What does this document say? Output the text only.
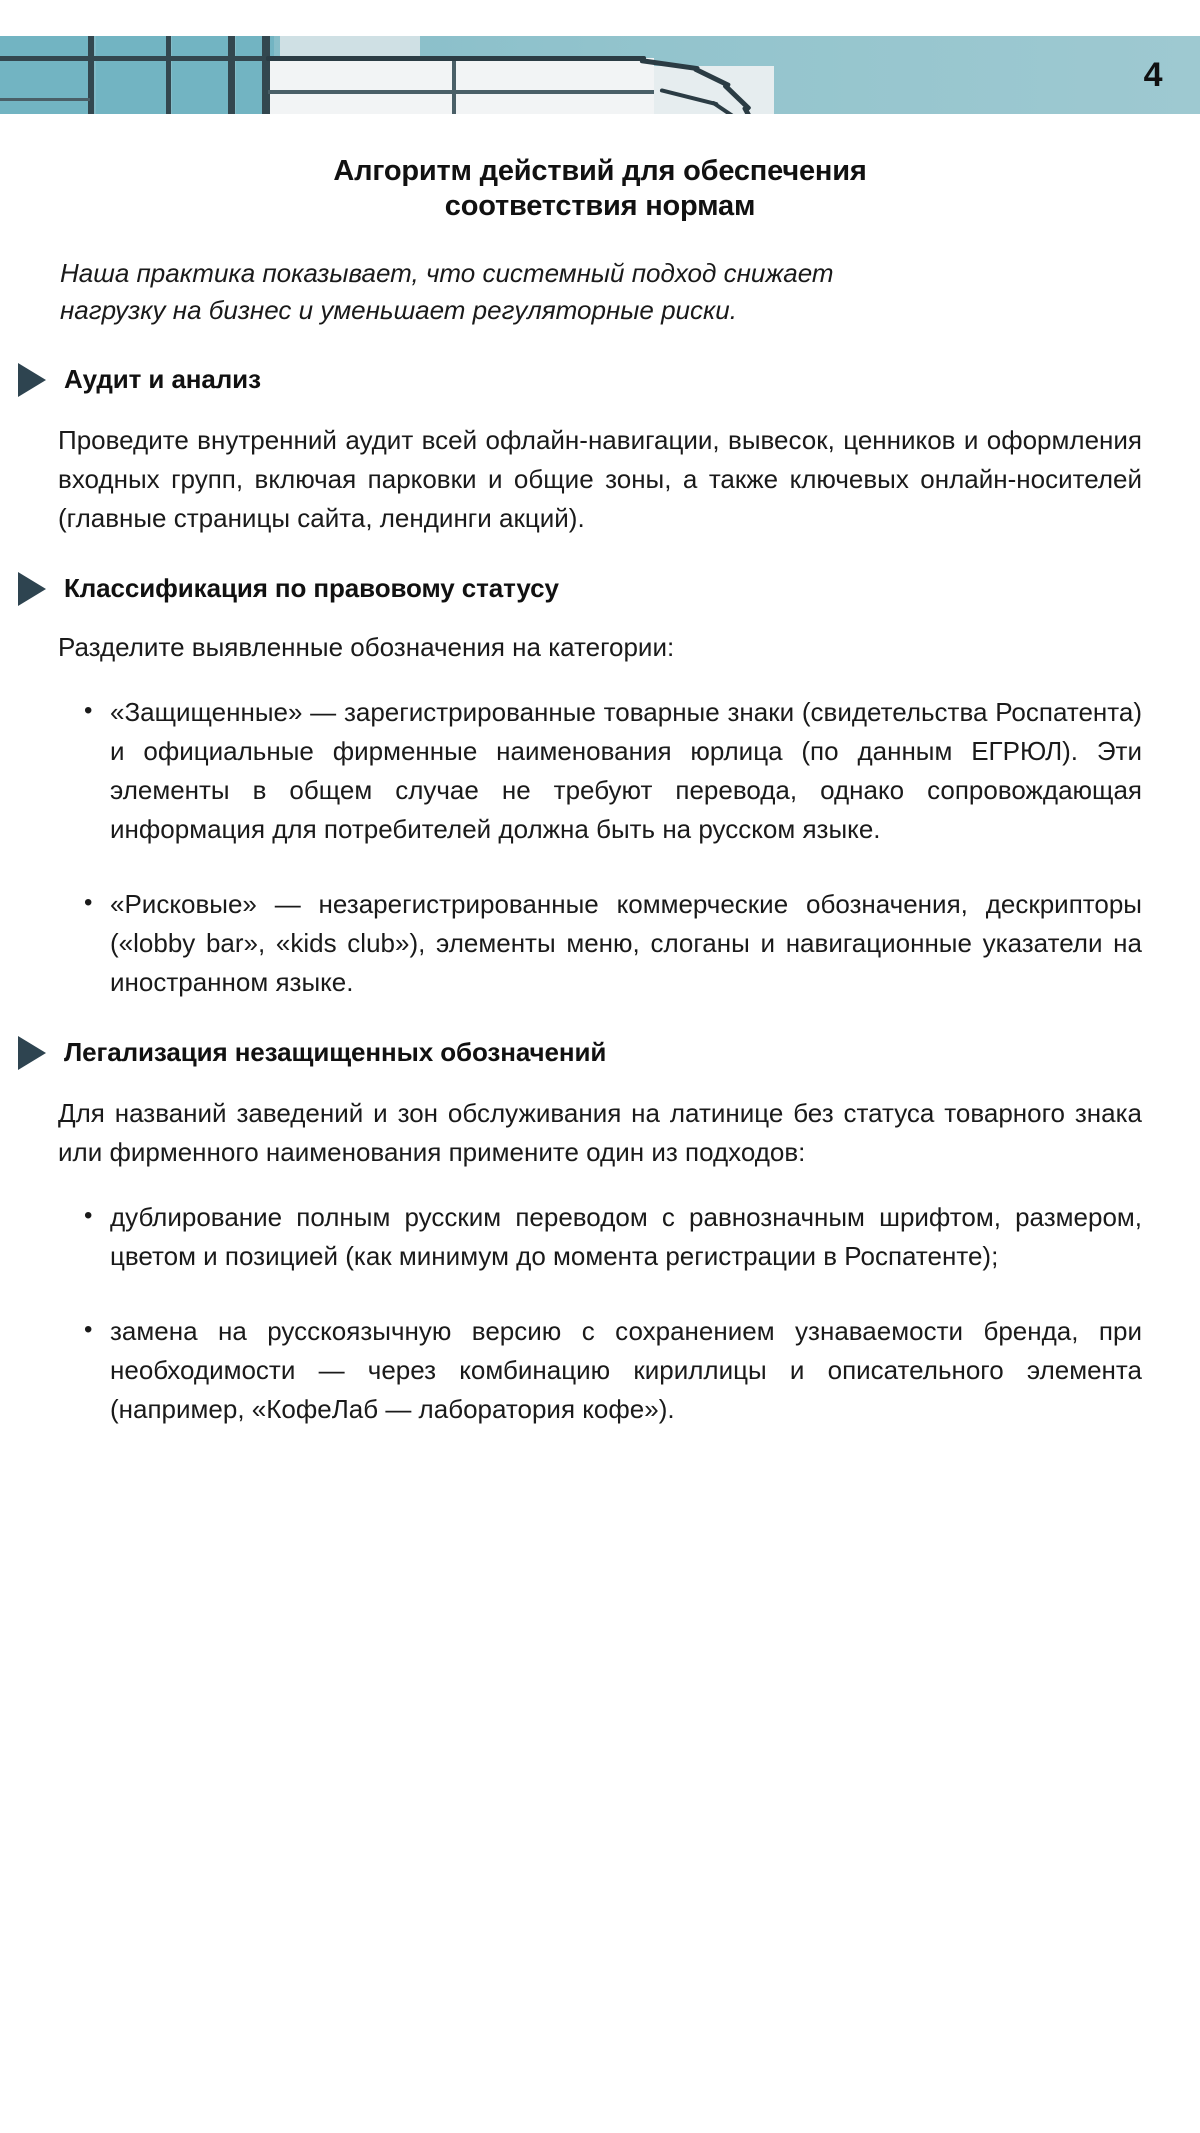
4
Алгоритм действий для обеспечения
соответствия нормам
Наша практика показывает, что системный подход снижает
нагрузку на бизнес и уменьшает регуляторные риски.
Аудит и анализ

Проведите внутренний аудит всей офлайн-навигации, вывесок, ценников и оформления входных групп, включая парковки и общие зоны, а также ключевых онлайн-носителей (главные страницы сайта, лендинги акций).

Классификация по правовому статусу

Разделите выявленные обозначения на категории:

• «Защищенные» — зарегистрированные товарные знаки (свидетельства Роспатента) и официальные фирменные наименования юрлица (по данным ЕГРЮЛ). Эти элементы в общем случае не требуют перевода, однако сопровождающая информация для потребителей должна быть на русском языке.
• «Рисковые» — незарегистрированные коммерческие обозначения, дескрипторы («lobby bar», «kids club»), элементы меню, слоганы и навигационные указатели на иностранном языке.
Легализация незащищенных обозначений

Для названий заведений и зон обслуживания на латинице без статуса товарного знака или фирменного наименования примените один из подходов:

• дублирование полным русским переводом с равнозначным шрифтом, размером, цветом и позицией (как минимум до момента регистрации в Роспатенте);
• замена на русскоязычную версию с сохранением узнаваемости бренда, при необходимости — через комбинацию кириллицы и описательного элемента (например, «КофеЛаб — лаборатория кофе»).
